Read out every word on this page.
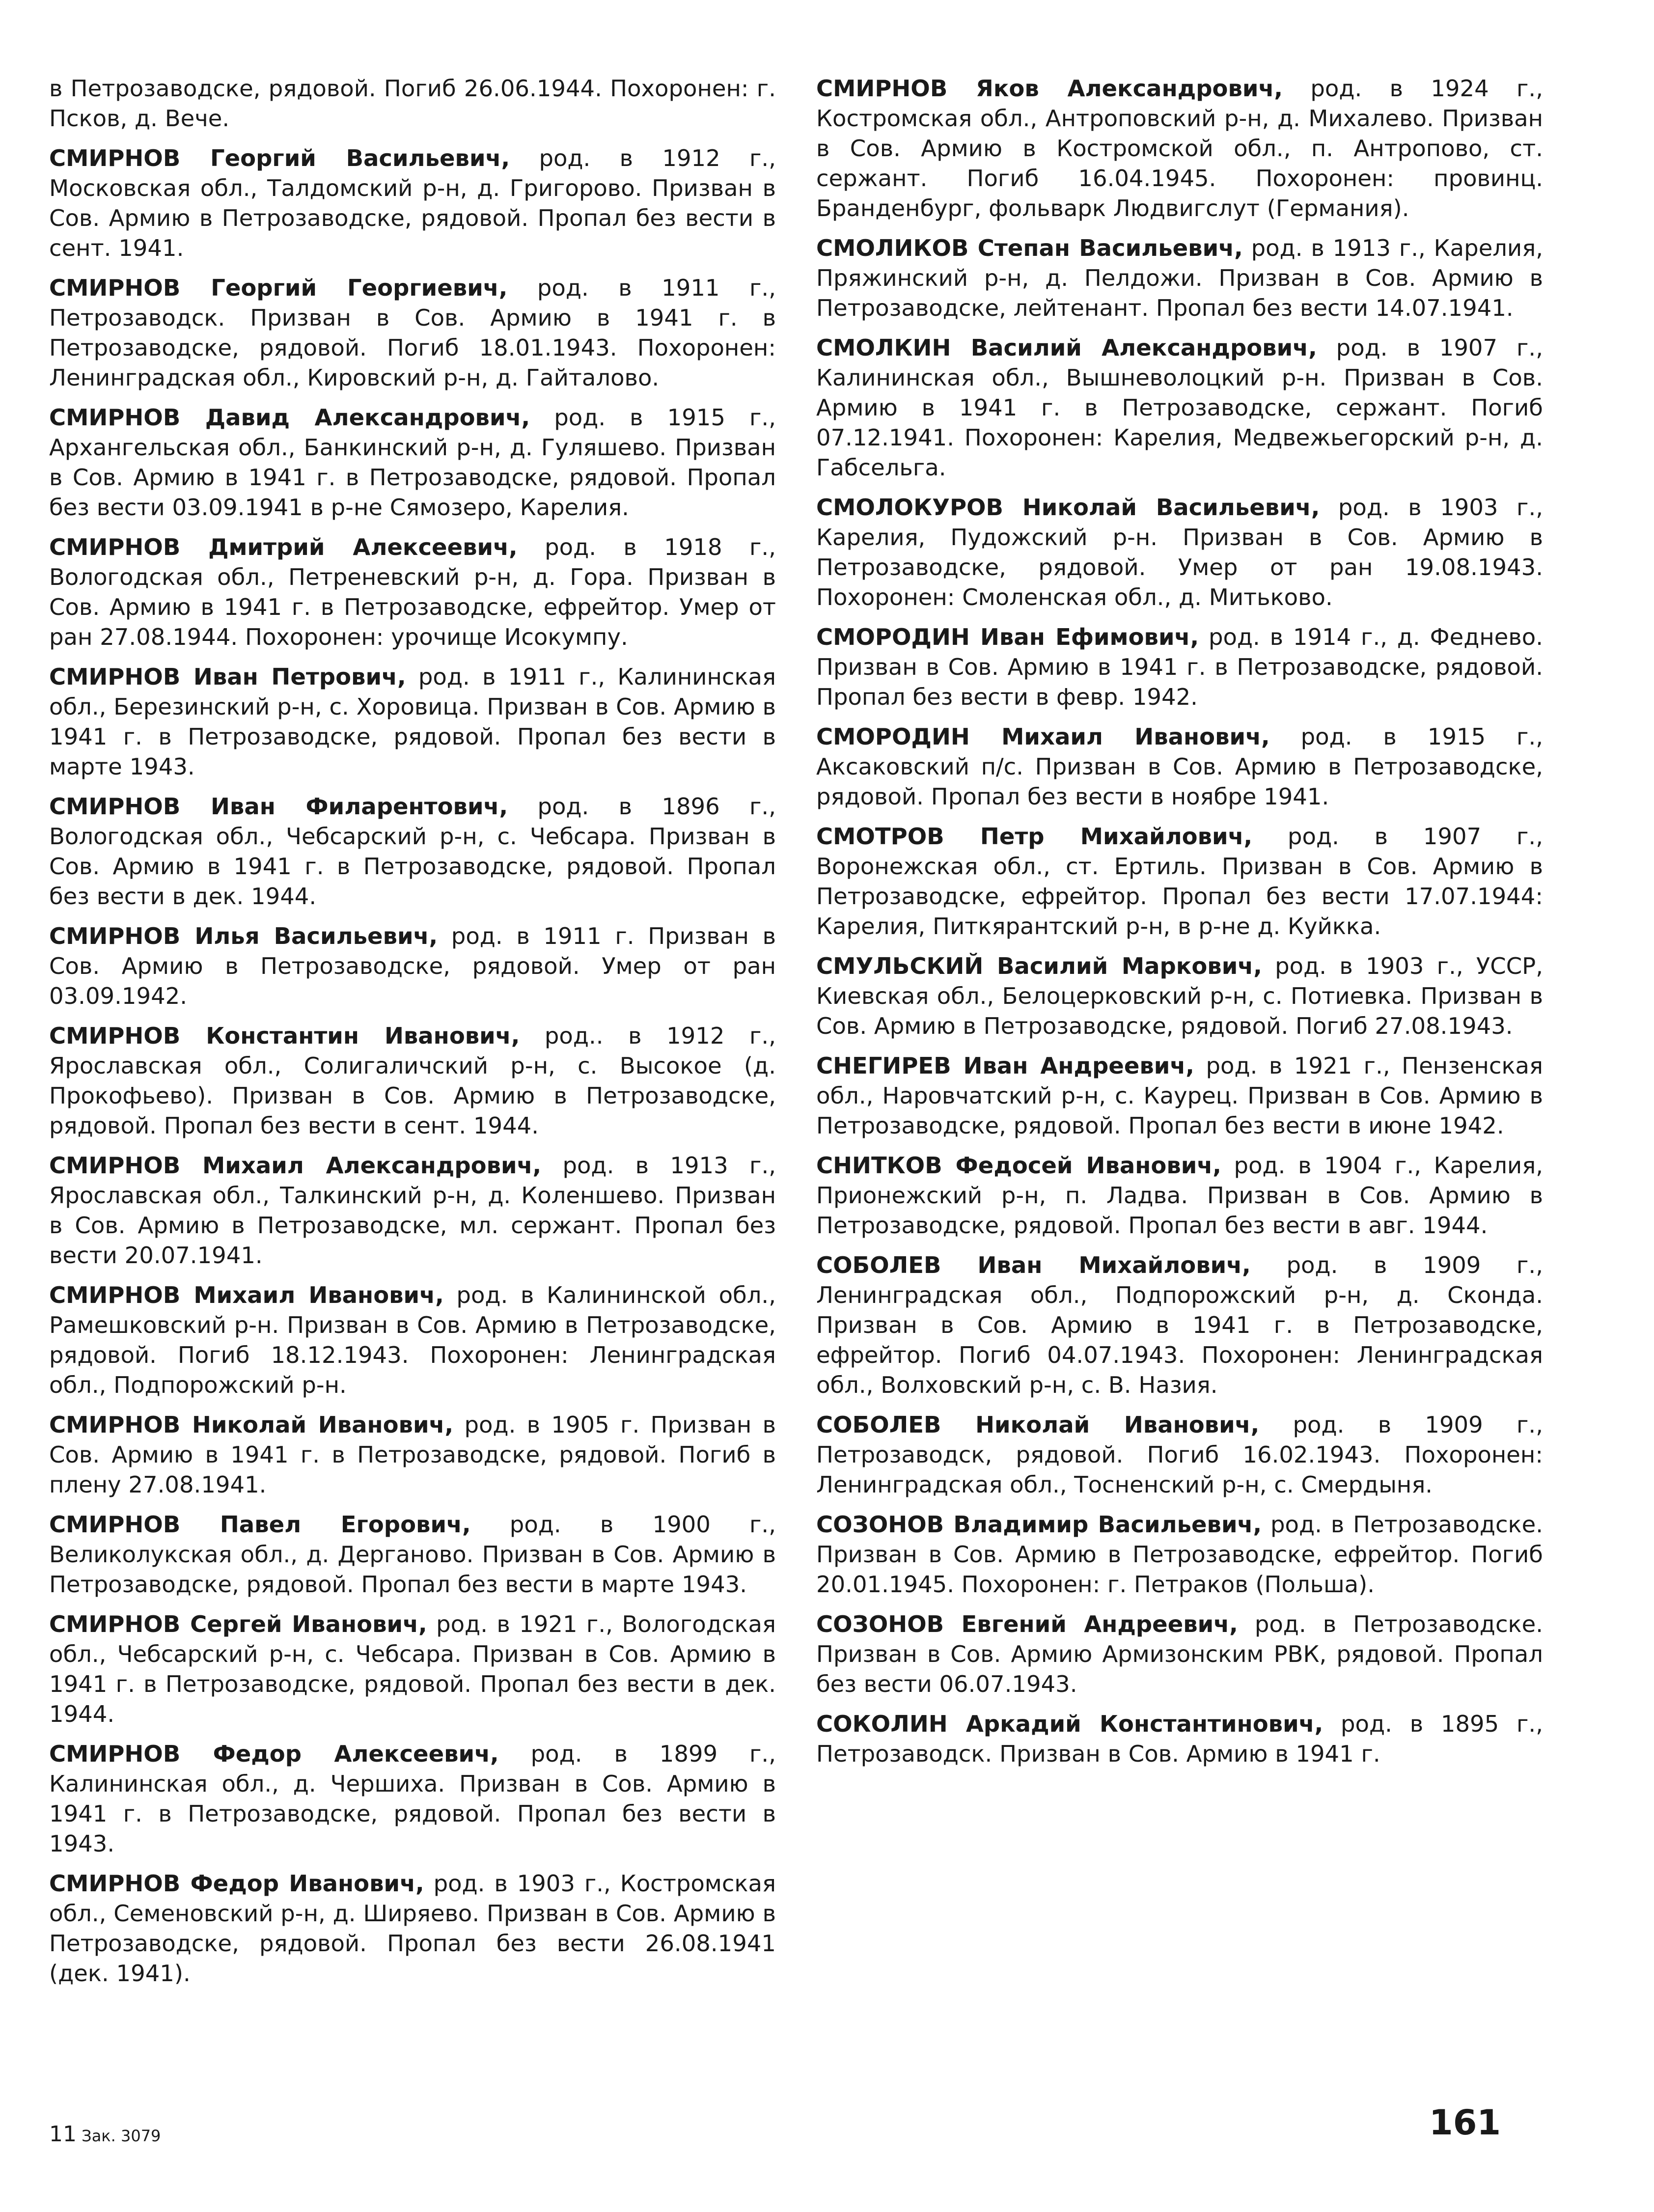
в Петрозаводске, рядовой. Погиб 26.06.1944. Похоронен: г. Псков, д. Вече.

СМИРНОВ Георгий Васильевич, род. в 1912 г., Московская обл., Талдомский р-н, д. Григорово. Призван в Сов. Армию в Петрозаводске, рядовой. Пропал без вести в сент. 1941.

СМИРНОВ Георгий Георгиевич, род. в 1911 г., Петрозаводск. Призван в Сов. Армию в 1941 г. в Петрозаводске, рядовой. Погиб 18.01.1943. Похоронен: Ленинградская обл., Кировский р-н, д. Гайталово.

СМИРНОВ Давид Александрович, род. в 1915 г., Архангельская обл., Банкинский р-н, д. Гуляшево. Призван в Сов. Армию в 1941 г. в Петрозаводске, рядовой. Пропал без вести 03.09.1941 в р-не Сямозеро, Карелия.

СМИРНОВ Дмитрий Алексеевич, род. в 1918 г., Вологодская обл., Петреневский р-н, д. Гора. Призван в Сов. Армию в 1941 г. в Петрозаводске, ефрейтор. Умер от ран 27.08.1944. Похоронен: урочище Исокумпу.

СМИРНОВ Иван Петрович, род. в 1911 г., Калининская обл., Березинский р-н, с. Хоровица. Призван в Сов. Армию в 1941 г. в Петрозаводске, рядовой. Пропал без вести в марте 1943.

СМИРНОВ Иван Филарентович, род. в 1896 г., Вологодская обл., Чебсарский р-н, с. Чебсара. Призван в Сов. Армию в 1941 г. в Петрозаводске, рядовой. Пропал без вести в дек. 1944.

СМИРНОВ Илья Васильевич, род. в 1911 г. Призван в Сов. Армию в Петрозаводске, рядовой. Умер от ран 03.09.1942.

СМИРНОВ Константин Иванович, род.. в 1912 г., Ярославская обл., Солигаличский р-н, с. Высокое (д. Прокофьево). Призван в Сов. Армию в Петрозаводске, рядовой. Пропал без вести в сент. 1944.

СМИРНОВ Михаил Александрович, род. в 1913 г., Ярославская обл., Талкинский р-н, д. Коленшево. Призван в Сов. Армию в Петрозаводске, мл. сержант. Пропал без вести 20.07.1941.

СМИРНОВ Михаил Иванович, род. в Калининской обл., Рамешковский р-н. Призван в Сов. Армию в Петрозаводске, рядовой. Погиб 18.12.1943. Похоронен: Ленинградская обл., Подпорожский р-н.

СМИРНОВ Николай Иванович, род. в 1905 г. Призван в Сов. Армию в 1941 г. в Петрозаводске, рядовой. Погиб в плену 27.08.1941.

СМИРНОВ Павел Егорович, род. в 1900 г., Великолукская обл., д. Дерганово. Призван в Сов. Армию в Петрозаводске, рядовой. Пропал без вести в марте 1943.

СМИРНОВ Сергей Иванович, род. в 1921 г., Вологодская обл., Чебсарский р-н, с. Чебсара. Призван в Сов. Армию в 1941 г. в Петрозаводске, рядовой. Пропал без вести в дек. 1944.

СМИРНОВ Федор Алексеевич, род. в 1899 г., Калининская обл., д. Чершиха. Призван в Сов. Армию в 1941 г. в Петрозаводске, рядовой. Пропал без вести в 1943.

СМИРНОВ Федор Иванович, род. в 1903 г., Костромская обл., Семеновский р-н, д. Ширяево. Призван в Сов. Армию в Петрозаводске, рядовой. Пропал без вести 26.08.1941 (дек. 1941).

СМИРНОВ Яков Александрович, род. в 1924 г., Костромская обл., Антроповский р-н, д. Михалево. Призван в Сов. Армию в Костромской обл., п. Антропово, ст. сержант. Погиб 16.04.1945. Похоронен: провинц. Бранденбург, фольварк Людвигслут (Германия).

СМОЛИКОВ Степан Васильевич, род. в 1913 г., Карелия, Пряжинский р-н, д. Пелдожи. Призван в Сов. Армию в Петрозаводске, лейтенант. Пропал без вести 14.07.1941.

СМОЛКИН Василий Александрович, род. в 1907 г., Калининская обл., Вышневолоцкий р-н. Призван в Сов. Армию в 1941 г. в Петрозаводске, сержант. Погиб 07.12.1941. Похоронен: Карелия, Медвежьегорский р-н, д. Габсельга.

СМОЛОКУРОВ Николай Васильевич, род. в 1903 г., Карелия, Пудожский р-н. Призван в Сов. Армию в Петрозаводске, рядовой. Умер от ран 19.08.1943. Похоронен: Смоленская обл., д. Митьково.

СМОРОДИН Иван Ефимович, род. в 1914 г., д. Феднево. Призван в Сов. Армию в 1941 г. в Петрозаводске, рядовой. Пропал без вести в февр. 1942.

СМОРОДИН Михаил Иванович, род. в 1915 г., Аксаковский п/с. Призван в Сов. Армию в Петрозаводске, рядовой. Пропал без вести в ноябре 1941.

СМОТРОВ Петр Михайлович, род. в 1907 г., Воронежская обл., ст. Ертиль. Призван в Сов. Армию в Петрозаводске, ефрейтор. Пропал без вести 17.07.1944: Карелия, Питкярантский р-н, в р-не д. Куйкка.

СМУЛЬСКИЙ Василий Маркович, род. в 1903 г., УССР, Киевская обл., Белоцерковский р-н, с. Потиевка. Призван в Сов. Армию в Петрозаводске, рядовой. Погиб 27.08.1943.

СНЕГИРЕВ Иван Андреевич, род. в 1921 г., Пензенская обл., Наровчатский р-н, с. Каурец. Призван в Сов. Армию в Петрозаводске, рядовой. Пропал без вести в июне 1942.

СНИТКОВ Федосей Иванович, род. в 1904 г., Карелия, Прионежский р-н, п. Ладва. Призван в Сов. Армию в Петрозаводске, рядовой. Пропал без вести в авг. 1944.

СОБОЛЕВ Иван Михайлович, род. в 1909 г., Ленинградская обл., Подпорожский р-н, д. Сконда. Призван в Сов. Армию в 1941 г. в Петрозаводске, ефрейтор. Погиб 04.07.1943. Похоронен: Ленинградская обл., Волховский р-н, с. В. Назия.

СОБОЛЕВ Николай Иванович, род. в 1909 г., Петрозаводск, рядовой. Погиб 16.02.1943. Похоронен: Ленинградская обл., Тосненский р-н, с. Смердыня.

СОЗОНОВ Владимир Васильевич, род. в Петрозаводске. Призван в Сов. Армию в Петрозаводске, ефрейтор. Погиб 20.01.1945. Похоронен: г. Петраков (Польша).

СОЗОНОВ Евгений Андреевич, род. в Петрозаводске. Призван в Сов. Армию Армизонским РВК, рядовой. Пропал без вести 06.07.1943.

СОКОЛИН Аркадий Константинович, род. в 1895 г., Петрозаводск. Призван в Сов. Армию в 1941 г.

11 Зак. 3079	161
